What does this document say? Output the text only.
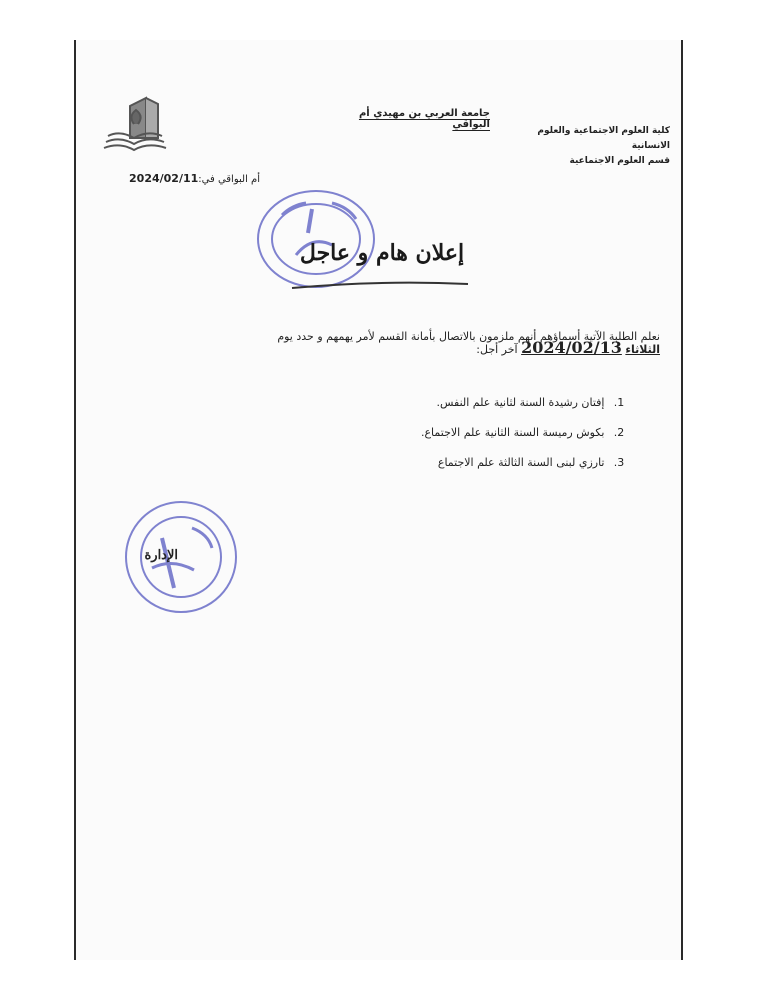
جامعة العربي بن مهيدي أم البواقي
كلية العلوم الاجتماعية والعلوم الانسانية
قسم العلوم الاجتماعية
أم البواقي في:2024/02/11
إعلان هام و عاجل
نعلم الطلبة الآتية أسماؤهم أنهم ملزمون بالاتصال بأمانة القسم لأمر يهمهم و حدد يوم
الثلاثاء 2024/02/13 آخر أجل:
1. إفتان رشيدة السنة لثانية علم النفس.
2. بكوش رميسة السنة الثانية علم الاجتماع.
3. تارزي لبنى السنة الثالثة علم الاجتماع
الإدارة
